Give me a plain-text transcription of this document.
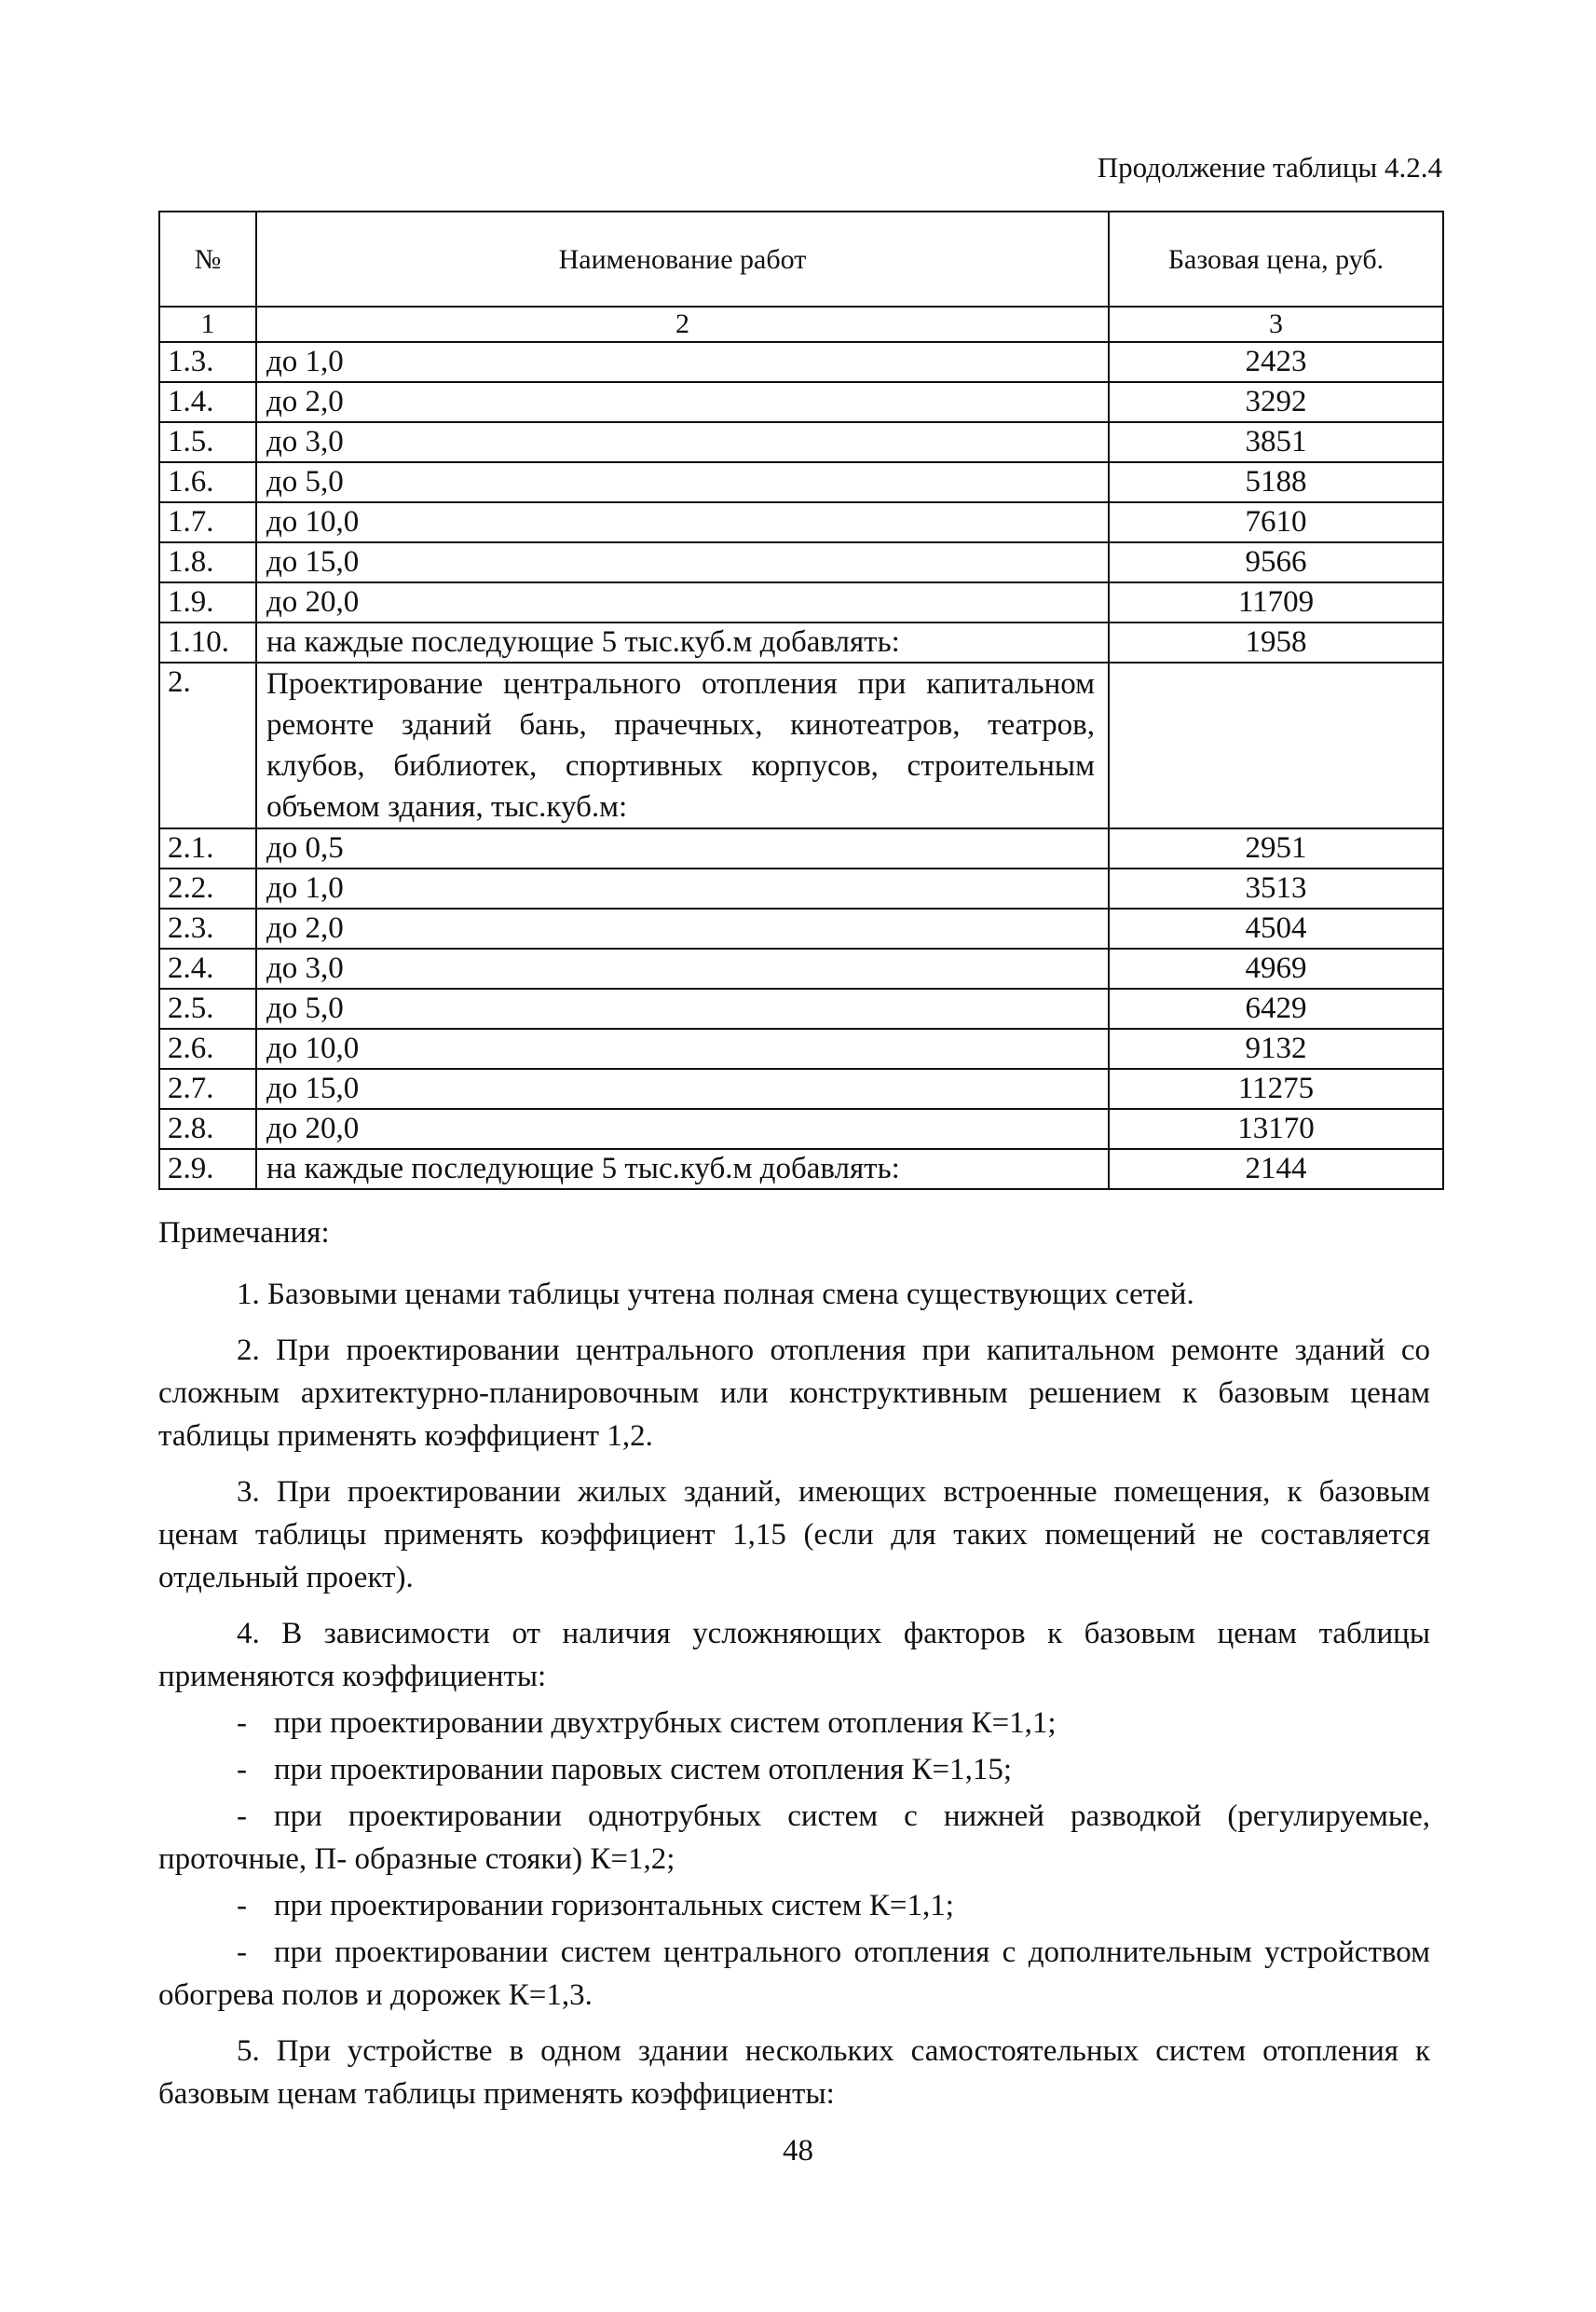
Продолжение таблицы 4.2.4
№	Наименование работ	Базовая цена, руб.
1	2	3
1.3.	до 1,0	2423
1.4.	до 2,0	3292
1.5.	до 3,0	3851
1.6.	до 5,0	5188
1.7.	до 10,0	7610
1.8.	до 15,0	9566
1.9.	до 20,0	11709
1.10.	на каждые последующие 5 тыс.куб.м добавлять:	1958
2.	Проектирование центрального отопления при капитальном ремонте зданий бань, прачечных, кинотеатров, театров, клубов, библиотек, спортивных корпусов, строительным объемом здания, тыс.куб.м:	

2.1.	до 0,5	2951
2.2.	до 1,0	3513
2.3.	до 2,0	4504
2.4.	до 3,0	4969
2.5.	до 5,0	6429
2.6.	до 10,0	9132
2.7.	до 15,0	11275
2.8.	до 20,0	13170
2.9.	на каждые последующие 5 тыс.куб.м добавлять:	2144
Примечания:

1. Базовыми ценами таблицы учтена полная смена существующих сетей.

2. При проектировании центрального отопления при капитальном ремонте зданий со сложным архитектурно-планировочным или конструктивным решением к базовым ценам таблицы применять коэффициент 1,2.

3. При проектировании жилых зданий, имеющих встроенные помещения, к базовым ценам таблицы применять коэффициент 1,15 (если для таких помещений не составляется отдельный проект).

4. В зависимости от наличия усложняющих факторов к базовым ценам таблицы применяются коэффициенты:

- при проектировании двухтрубных систем отопления К=1,1;

- при проектировании паровых систем отопления К=1,15;

- при проектировании однотрубных систем с нижней разводкой (регулируемые, проточные, П- образные стояки) К=1,2;

- при проектировании горизонтальных систем К=1,1;

- при проектировании систем центрального отопления с дополнительным устройством обогрева полов и дорожек К=1,3.

5. При устройстве в одном здании нескольких самостоятельных систем отопления к базовым ценам таблицы применять коэффициенты:

48
